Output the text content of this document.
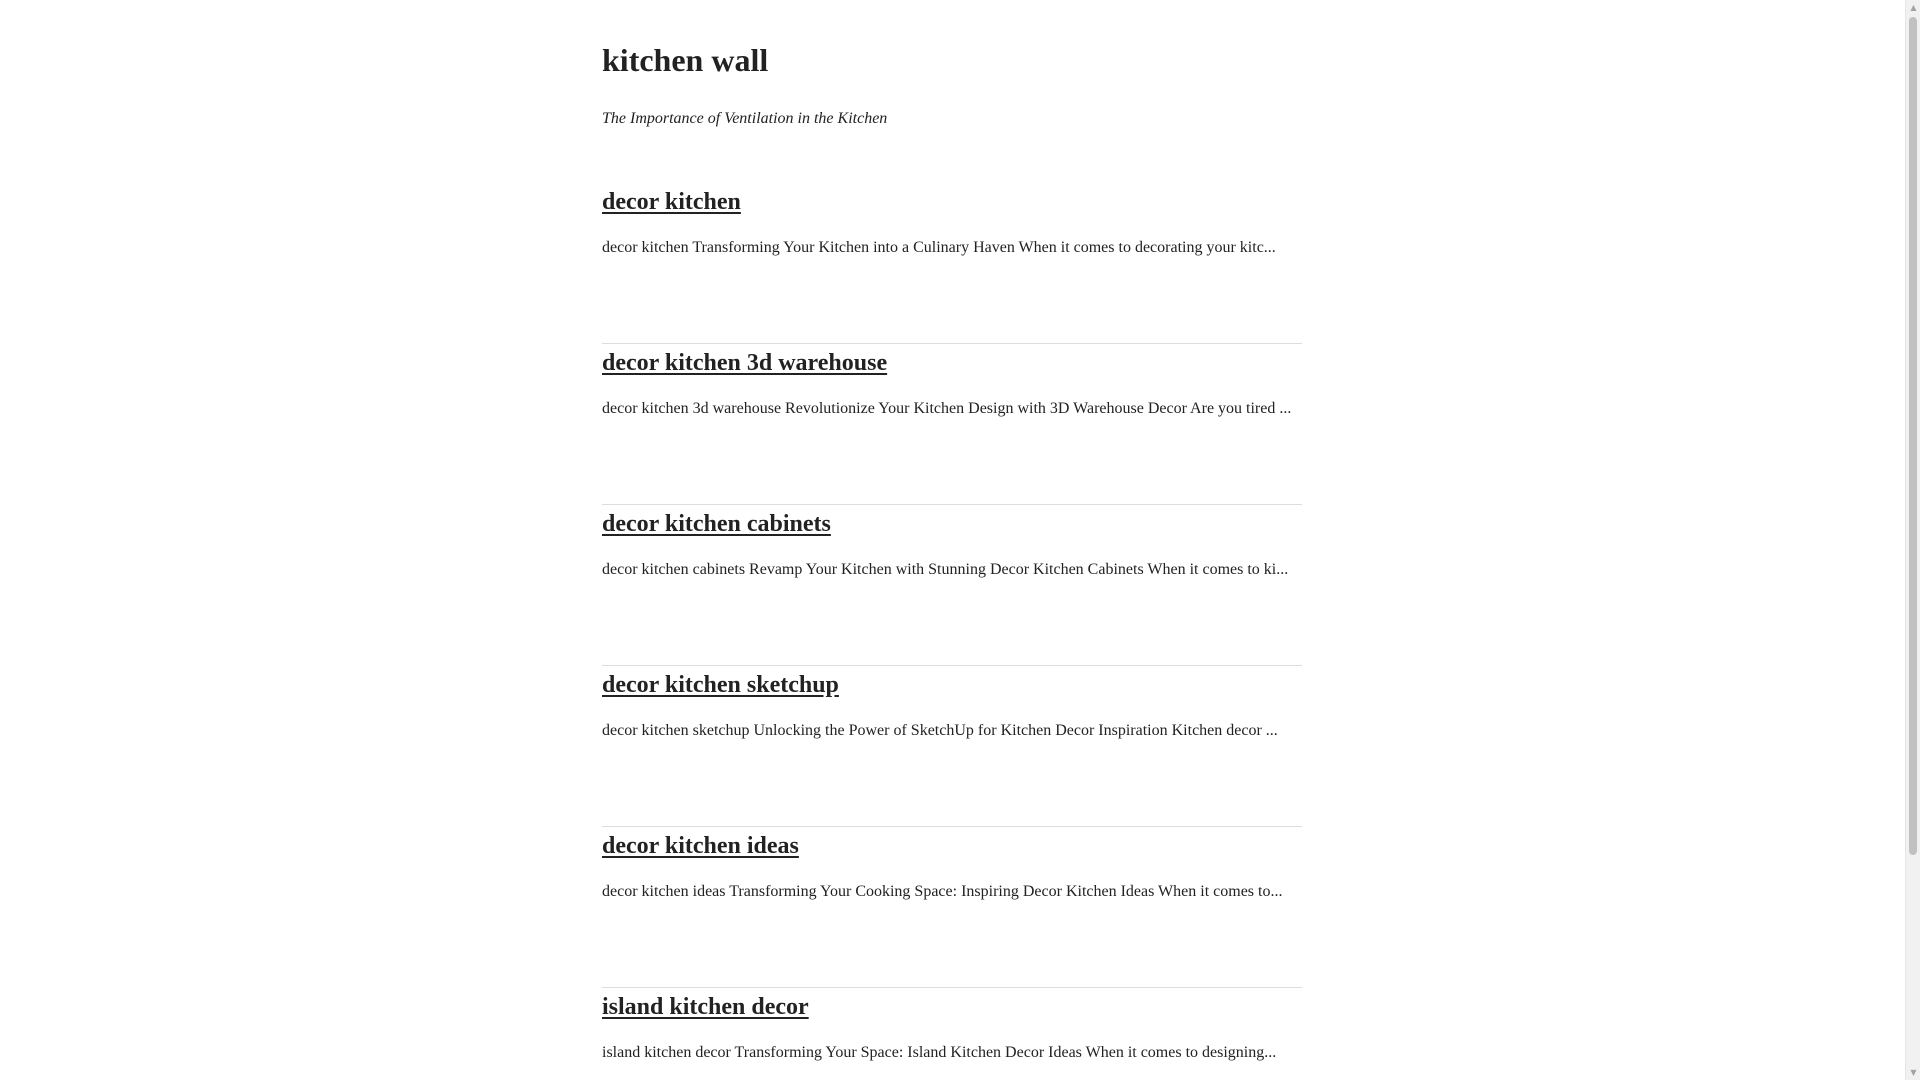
kitchen wall

The Importance of Ventilation in the Kitchen

decor kitchen

decor kitchen Transforming Your Kitchen into a Culinary Haven When it comes to decorating your kitc...

decor kitchen 3d warehouse

decor kitchen 3d warehouse Revolutionize Your Kitchen Design with 3D Warehouse Decor Are you tired ...

decor kitchen cabinets

decor kitchen cabinets Revamp Your Kitchen with Stunning Decor Kitchen Cabinets When it comes to ki...

decor kitchen sketchup

decor kitchen sketchup Unlocking the Power of SketchUp for Kitchen Decor Inspiration Kitchen decor ...

decor kitchen ideas

decor kitchen ideas Transforming Your Cooking Space: Inspiring Decor Kitchen Ideas When it comes to...

island kitchen decor

island kitchen decor Transforming Your Space: Island Kitchen Decor Ideas When it comes to designing...

▲
▼
